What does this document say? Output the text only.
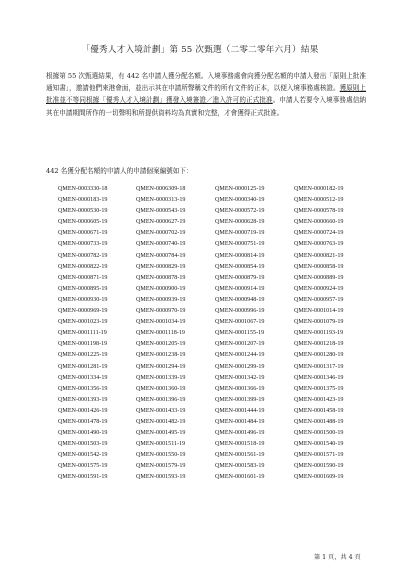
「優秀人才入境計劃」第 55 次甄選（二零二零年六月）結果
根據第 55 次甄選結果，有 442 名申請人獲分配名額。入境事務處會向獲分配名額的申請人發出「原則上批准通知書」，邀請他們來港會面，並出示其在申請所聲稱文件的所有文件的正本，以便入境事務處核證。獲原則上批准並不等同根據「優秀人才入境計劃」獲發入境簽證／進入許可的正式批准。申請人若要令入境事務處信納其在申請期間所作的一切聲明和所提供資料均為真實和完整，才會獲得正式批准。
442 名獲分配名額的申請人的申請個案編號如下：
QMEN-0003330-18	QMEN-0006309-18	QMEN-0000125-19	QMEN-0000182-19
QMEN-0000183-19	QMEN-0000313-19	QMEN-0000340-19	QMEN-0000512-19
QMEN-0000530-19	QMEN-0000543-19	QMEN-0000572-19	QMEN-0000578-19
QMEN-0000605-19	QMEN-0000627-19	QMEN-0000628-19	QMEN-0000660-19
QMEN-0000671-19	QMEN-0000702-19	QMEN-0000719-19	QMEN-0000724-19
QMEN-0000733-19	QMEN-0000740-19	QMEN-0000751-19	QMEN-0000763-19
QMEN-0000782-19	QMEN-0000784-19	QMEN-0000814-19	QMEN-0000821-19
QMEN-0000822-19	QMEN-0000829-19	QMEN-0000854-19	QMEN-0000858-19
QMEN-0000871-19	QMEN-0000878-19	QMEN-0000879-19	QMEN-0000889-19
QMEN-0000895-19	QMEN-0000900-19	QMEN-0000914-19	QMEN-0000924-19
QMEN-0000930-19	QMEN-0000939-19	QMEN-0000948-19	QMEN-0000957-19
QMEN-0000969-19	QMEN-0000970-19	QMEN-0000996-19	QMEN-0001014-19
QMEN-0001023-19	QMEN-0001034-19	QMEN-0001067-19	QMEN-0001079-19
QMEN-0001111-19	QMEN-0001118-19	QMEN-0001155-19	QMEN-0001193-19
QMEN-0001198-19	QMEN-0001205-19	QMEN-0001207-19	QMEN-0001218-19
QMEN-0001225-19	QMEN-0001238-19	QMEN-0001244-19	QMEN-0001280-19
QMEN-0001281-19	QMEN-0001294-19	QMEN-0001299-19	QMEN-0001317-19
QMEN-0001334-19	QMEN-0001339-19	QMEN-0001342-19	QMEN-0001346-19
QMEN-0001356-19	QMEN-0001360-19	QMEN-0001366-19	QMEN-0001375-19
QMEN-0001393-19	QMEN-0001396-19	QMEN-0001399-19	QMEN-0001423-19
QMEN-0001426-19	QMEN-0001433-19	QMEN-0001444-19	QMEN-0001458-19
QMEN-0001478-19	QMEN-0001482-19	QMEN-0001484-19	QMEN-0001488-19
QMEN-0001490-19	QMEN-0001495-19	QMEN-0001496-19	QMEN-0001500-19
QMEN-0001503-19	QMEN-0001511-19	QMEN-0001518-19	QMEN-0001540-19
QMEN-0001542-19	QMEN-0001550-19	QMEN-0001561-19	QMEN-0001571-19
QMEN-0001575-19	QMEN-0001579-19	QMEN-0001583-19	QMEN-0001590-19
QMEN-0001591-19	QMEN-0001593-19	QMEN-0001601-19	QMEN-0001609-19
第 1 頁，共 4 頁
